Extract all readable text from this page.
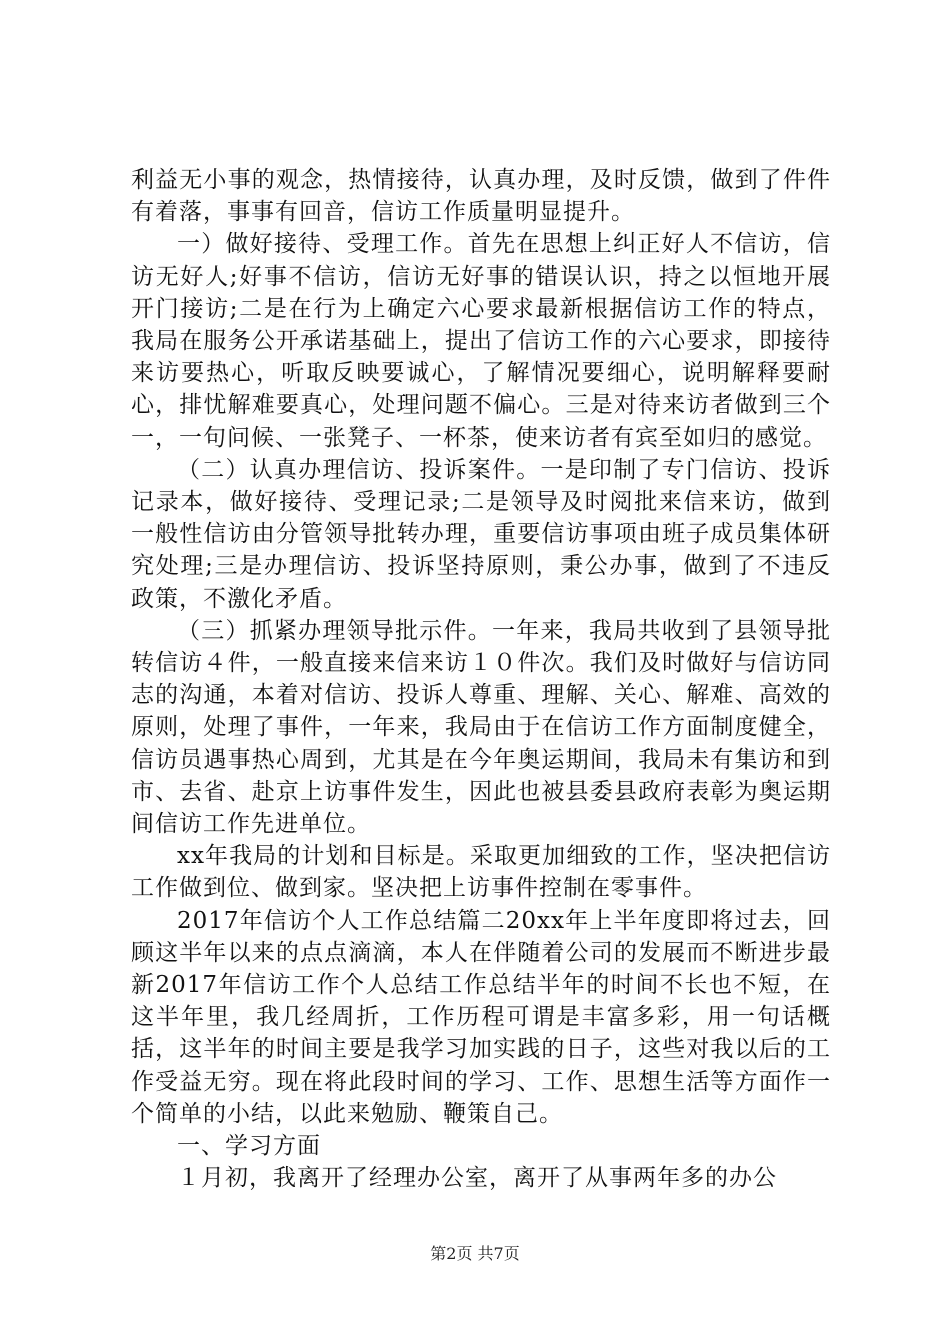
利益无小事的观念，热情接待，认真办理，及时反馈，做到了件件有着落，事事有回音，信访工作质量明显提升。

一）做好接待、受理工作。首先在思想上纠正好人不信访，信访无好人;好事不信访，信访无好事的错误认识，持之以恒地开展开门接访;二是在行为上确定六心要求最新根据信访工作的特点，我局在服务公开承诺基础上，提出了信访工作的六心要求，即接待来访要热心，听取反映要诚心，了解情况要细心，说明解释要耐心，排忧解难要真心，处理问题不偏心。三是对待来访者做到三个一，一句问候、一张凳子、一杯茶，使来访者有宾至如归的感觉。

（二）认真办理信访、投诉案件。一是印制了专门信访、投诉记录本，做好接待、受理记录;二是领导及时阅批来信来访，做到一般性信访由分管领导批转办理，重要信访事项由班子成员集体研究处理;三是办理信访、投诉坚持原则，秉公办事，做到了不违反政策，不激化矛盾。

（三）抓紧办理领导批示件。一年来，我局共收到了县领导批转信访４件，一般直接来信来访１０件次。我们及时做好与信访同志的沟通，本着对信访、投诉人尊重、理解、关心、解难、高效的原则，处理了事件，一年来，我局由于在信访工作方面制度健全，信访员遇事热心周到，尤其是在今年奥运期间，我局未有集访和到市、去省、赴京上访事件发生，因此也被县委县政府表彰为奥运期间信访工作先进单位。

xx年我局的计划和目标是。采取更加细致的工作，坚决把信访工作做到位、做到家。坚决把上访事件控制在零事件。

2017年信访个人工作总结篇二20xx年上半年度即将过去，回顾这半年以来的点点滴滴，本人在伴随着公司的发展而不断进步最新2017年信访工作个人总结工作总结半年的时间不长也不短，在这半年里，我几经周折，工作历程可谓是丰富多彩，用一句话概括，这半年的时间主要是我学习加实践的日子，这些对我以后的工作受益无穷。现在将此段时间的学习、工作、思想生活等方面作一个简单的小结，以此来勉励、鞭策自己。

一、学习方面

１月初，我离开了经理办公室，离开了从事两年多的办公

第2页 共7页
